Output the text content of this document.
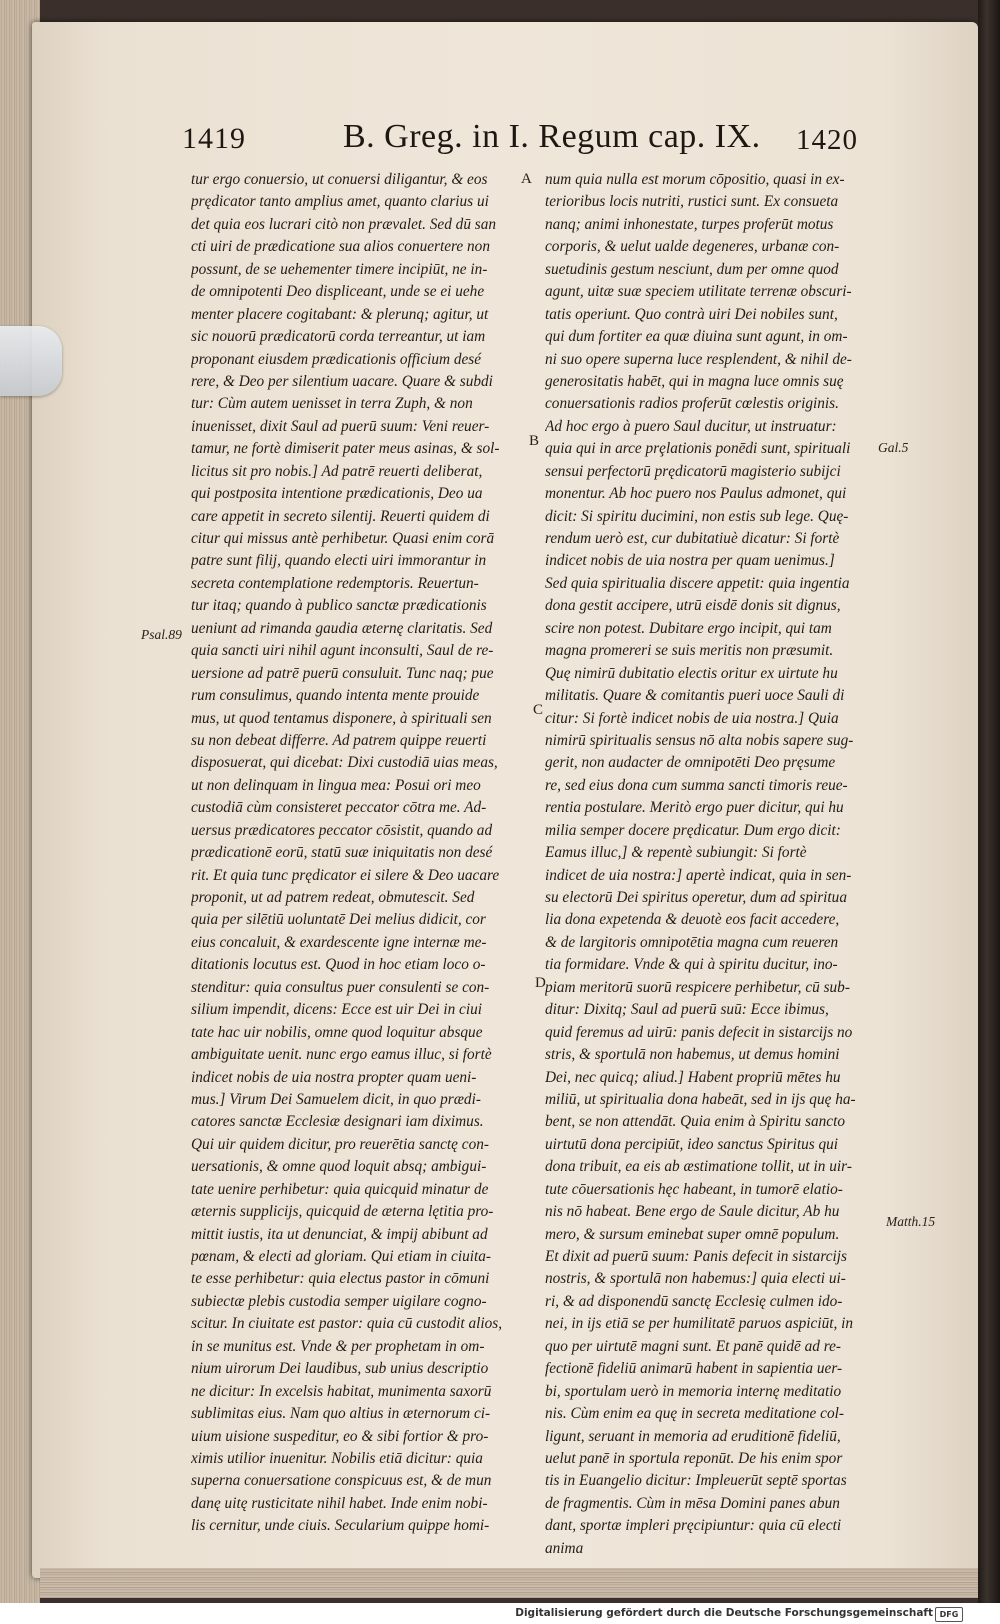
1419	B. Greg. in I. Regum cap. IX. 1420
tur ergo conuersio, ut conuersi diligantur, & eos
prędicator tanto amplius amet, quanto clarius ui
det quia eos lucrari citò non prævalet. Sed dū san
cti uiri de prædicatione sua alios conuertere non
possunt, de se uehementer timere incipiūt, ne in-
de omnipotenti Deo displiceant, unde se ei uehe
menter placere cogitabant: & plerunq; agitur, ut
sic nouorū prædicatorū corda terreantur, ut iam
proponant eiusdem prædicationis officium desé
rere, & Deo per silentium uacare. Quare & subdi
tur: Cùm autem uenisset in terra Zuph, & non
inuenisset, dixit Saul ad puerū suum: Veni reuer-
tamur, ne fortè dimiserit pater meus asinas, & sol-
licitus sit pro nobis.] Ad patrē reuerti deliberat,
qui postposita intentione prædicationis, Deo ua
care appetit in secreto silentij. Reuerti quidem di
citur qui missus antè perhibetur. Quasi enim corā
patre sunt filij, quando electi uiri immorantur in
secreta contemplatione redemptoris. Reuertun-
tur itaq; quando à publico sanctæ prædicationis
ueniunt ad rimanda gaudia æternę claritatis. Sed
quia sancti uiri nihil agunt inconsulti, Saul de re-
uersione ad patrē puerū consuluit. Tunc naq; pue
rum consulimus, quando intenta mente prouide
mus, ut quod tentamus disponere, à spirituali sen
su non debeat differre. Ad patrem quippe reuerti
disposuerat, qui dicebat: Dixi custodiā uias meas,
ut non delinquam in lingua mea: Posui ori meo
custodiā cùm consisteret peccator cōtra me. Ad-
uersus prædicatores peccator cōsistit, quando ad
prædicationē eorū, statū suæ iniquitatis non desé
rit. Et quia tunc prędicator ei silere & Deo uacare
proponit, ut ad patrem redeat, obmutescit. Sed
quia per silētiū uoluntatē Dei melius didicit, cor
eius concaluit, & exardescente igne internæ me-
ditationis locutus est. Quod in hoc etiam loco o-
stenditur: quia consultus puer consulenti se con-
silium impendit, dicens: Ecce est uir Dei in ciui
tate hac uir nobilis, omne quod loquitur absque
ambiguitate uenit. nunc ergo eamus illuc, si fortè
indicet nobis de uia nostra propter quam ueni-
mus.] Virum Dei Samuelem dicit, in quo prædi-
catores sanctæ Ecclesiæ designari iam diximus.
Qui uir quidem dicitur, pro reuerētia sanctę con-
uersationis, & omne quod loquit absq; ambigui-
tate uenire perhibetur: quia quicquid minatur de
æternis supplicijs, quicquid de æterna lętitia pro-
mittit iustis, ita ut denunciat, & impij abibunt ad
pœnam, & electi ad gloriam. Qui etiam in ciuita-
te esse perhibetur: quia electus pastor in cōmuni
subiectæ plebis custodia semper uigilare cogno-
scitur. In ciuitate est pastor: quia cū custodit alios,
in se munitus est. Vnde & per prophetam in om-
nium uirorum Dei laudibus, sub unius descriptio
ne dicitur: In excelsis habitat, munimenta saxorū
sublimitas eius. Nam quo altius in æternorum ci-
uium uisione suspeditur, eo & sibi fortior & pro-
ximis utilior inuenitur. Nobilis etiā dicitur: quia
superna conuersatione conspicuus est, & de mun
danę uitę rusticitate nihil habet. Inde enim nobi-
lis cernitur, unde ciuis. Secularium quippe homi-
num quia nulla est morum cōpositio, quasi in ex-
terioribus locis nutriti, rustici sunt. Ex consueta
nanq; animi inhonestate, turpes proferūt motus
corporis, & uelut ualde degeneres, urbanæ con-
suetudinis gestum nesciunt, dum per omne quod
agunt, uitæ suæ speciem utilitate terrenæ obscuri-
tatis operiunt. Quo contrà uiri Dei nobiles sunt,
qui dum fortiter ea quæ diuina sunt agunt, in om-
ni suo opere superna luce resplendent, & nihil de-
generositatis habēt, qui in magna luce omnis suę
conuersationis radios proferūt cœlestis originis.
Ad hoc ergo à puero Saul ducitur, ut instruatur:
quia qui in arce prȩlationis ponēdi sunt, spirituali
sensui perfectorū prędicatorū magisterio subijci
monentur. Ab hoc puero nos Paulus admonet, qui
dicit: Si spiritu ducimini, non estis sub lege. Quę-
rendum uerò est, cur dubitatiuè dicatur: Si fortè
indicet nobis de uia nostra per quam uenimus.]
Sed quia spiritualia discere appetit: quia ingentia
dona gestit accipere, utrū eisdē donis sit dignus,
scire non potest. Dubitare ergo incipit, qui tam
magna promereri se suis meritis non præsumit.
Quę nimirū dubitatio electis oritur ex uirtute hu
militatis. Quare & comitantis pueri uoce Sauli di
citur: Si fortè indicet nobis de uia nostra.] Quia
nimirū spiritualis sensus nō alta nobis sapere sug-
gerit, non audacter de omnipotēti Deo pręsume
re, sed eius dona cum summa sancti timoris reue-
rentia postulare. Meritò ergo puer dicitur, qui hu
milia semper docere prędicatur. Dum ergo dicit:
Eamus illuc,] & repentè subiungit: Si fortè
indicet de uia nostra:] apertè indicat, quia in sen-
su electorū Dei spiritus operetur, dum ad spiritua
lia dona expetenda & deuotè eos facit accedere,
& de largitoris omnipotētia magna cum reueren
tia formidare. Vnde & qui à spiritu ducitur, ino-
piam meritorū suorū respicere perhibetur, cū sub-
ditur: Dixitq; Saul ad puerū suū: Ecce ibimus,
quid feremus ad uirū: panis defecit in sistarcijs no
stris, & sportulā non habemus, ut demus homini
Dei, nec quicq; aliud.] Habent propriū mētes hu
miliū, ut spiritualia dona habeāt, sed in ijs quę ha-
bent, se non attendāt. Quia enim à Spiritu sancto
uirtutū dona percipiūt, ideo sanctus Spiritus qui
dona tribuit, ea eis ab æstimatione tollit, ut in uir-
tute cōuersationis hęc habeant, in tumorē elatio-
nis nō habeat. Bene ergo de Saule dicitur, Ab hu
mero, & sursum eminebat super omnē populum.
Et dixit ad puerū suum: Panis defecit in sistarcijs
nostris, & sportulā non habemus:] quia electi ui-
ri, & ad disponendū sanctę Ecclesię culmen ido-
nei, in ijs etiā se per humilitatē paruos aspiciūt, in
quo per uirtutē magni sunt. Et panē quidē ad re-
fectionē fideliū animarū habent in sapientia uer-
bi, sportulam uerò in memoria internę meditatio
nis. Cùm enim ea quę in secreta meditatione col-
ligunt, seruant in memoria ad eruditionē fideliū,
uelut panē in sportula reponūt. De his enim spor
tis in Euangelio dicitur: Impleuerūt septē sportas
de fragmentis. Cùm in mēsa Domini panes abun
dant, sportæ impleri pręcipiuntur: quia cū electi
anima
A
B
C
D
Psal.89
Gal.5
Matth.15
Digitalisierung gefördert durch die Deutsche Forschungsgemeinschaft DFG
